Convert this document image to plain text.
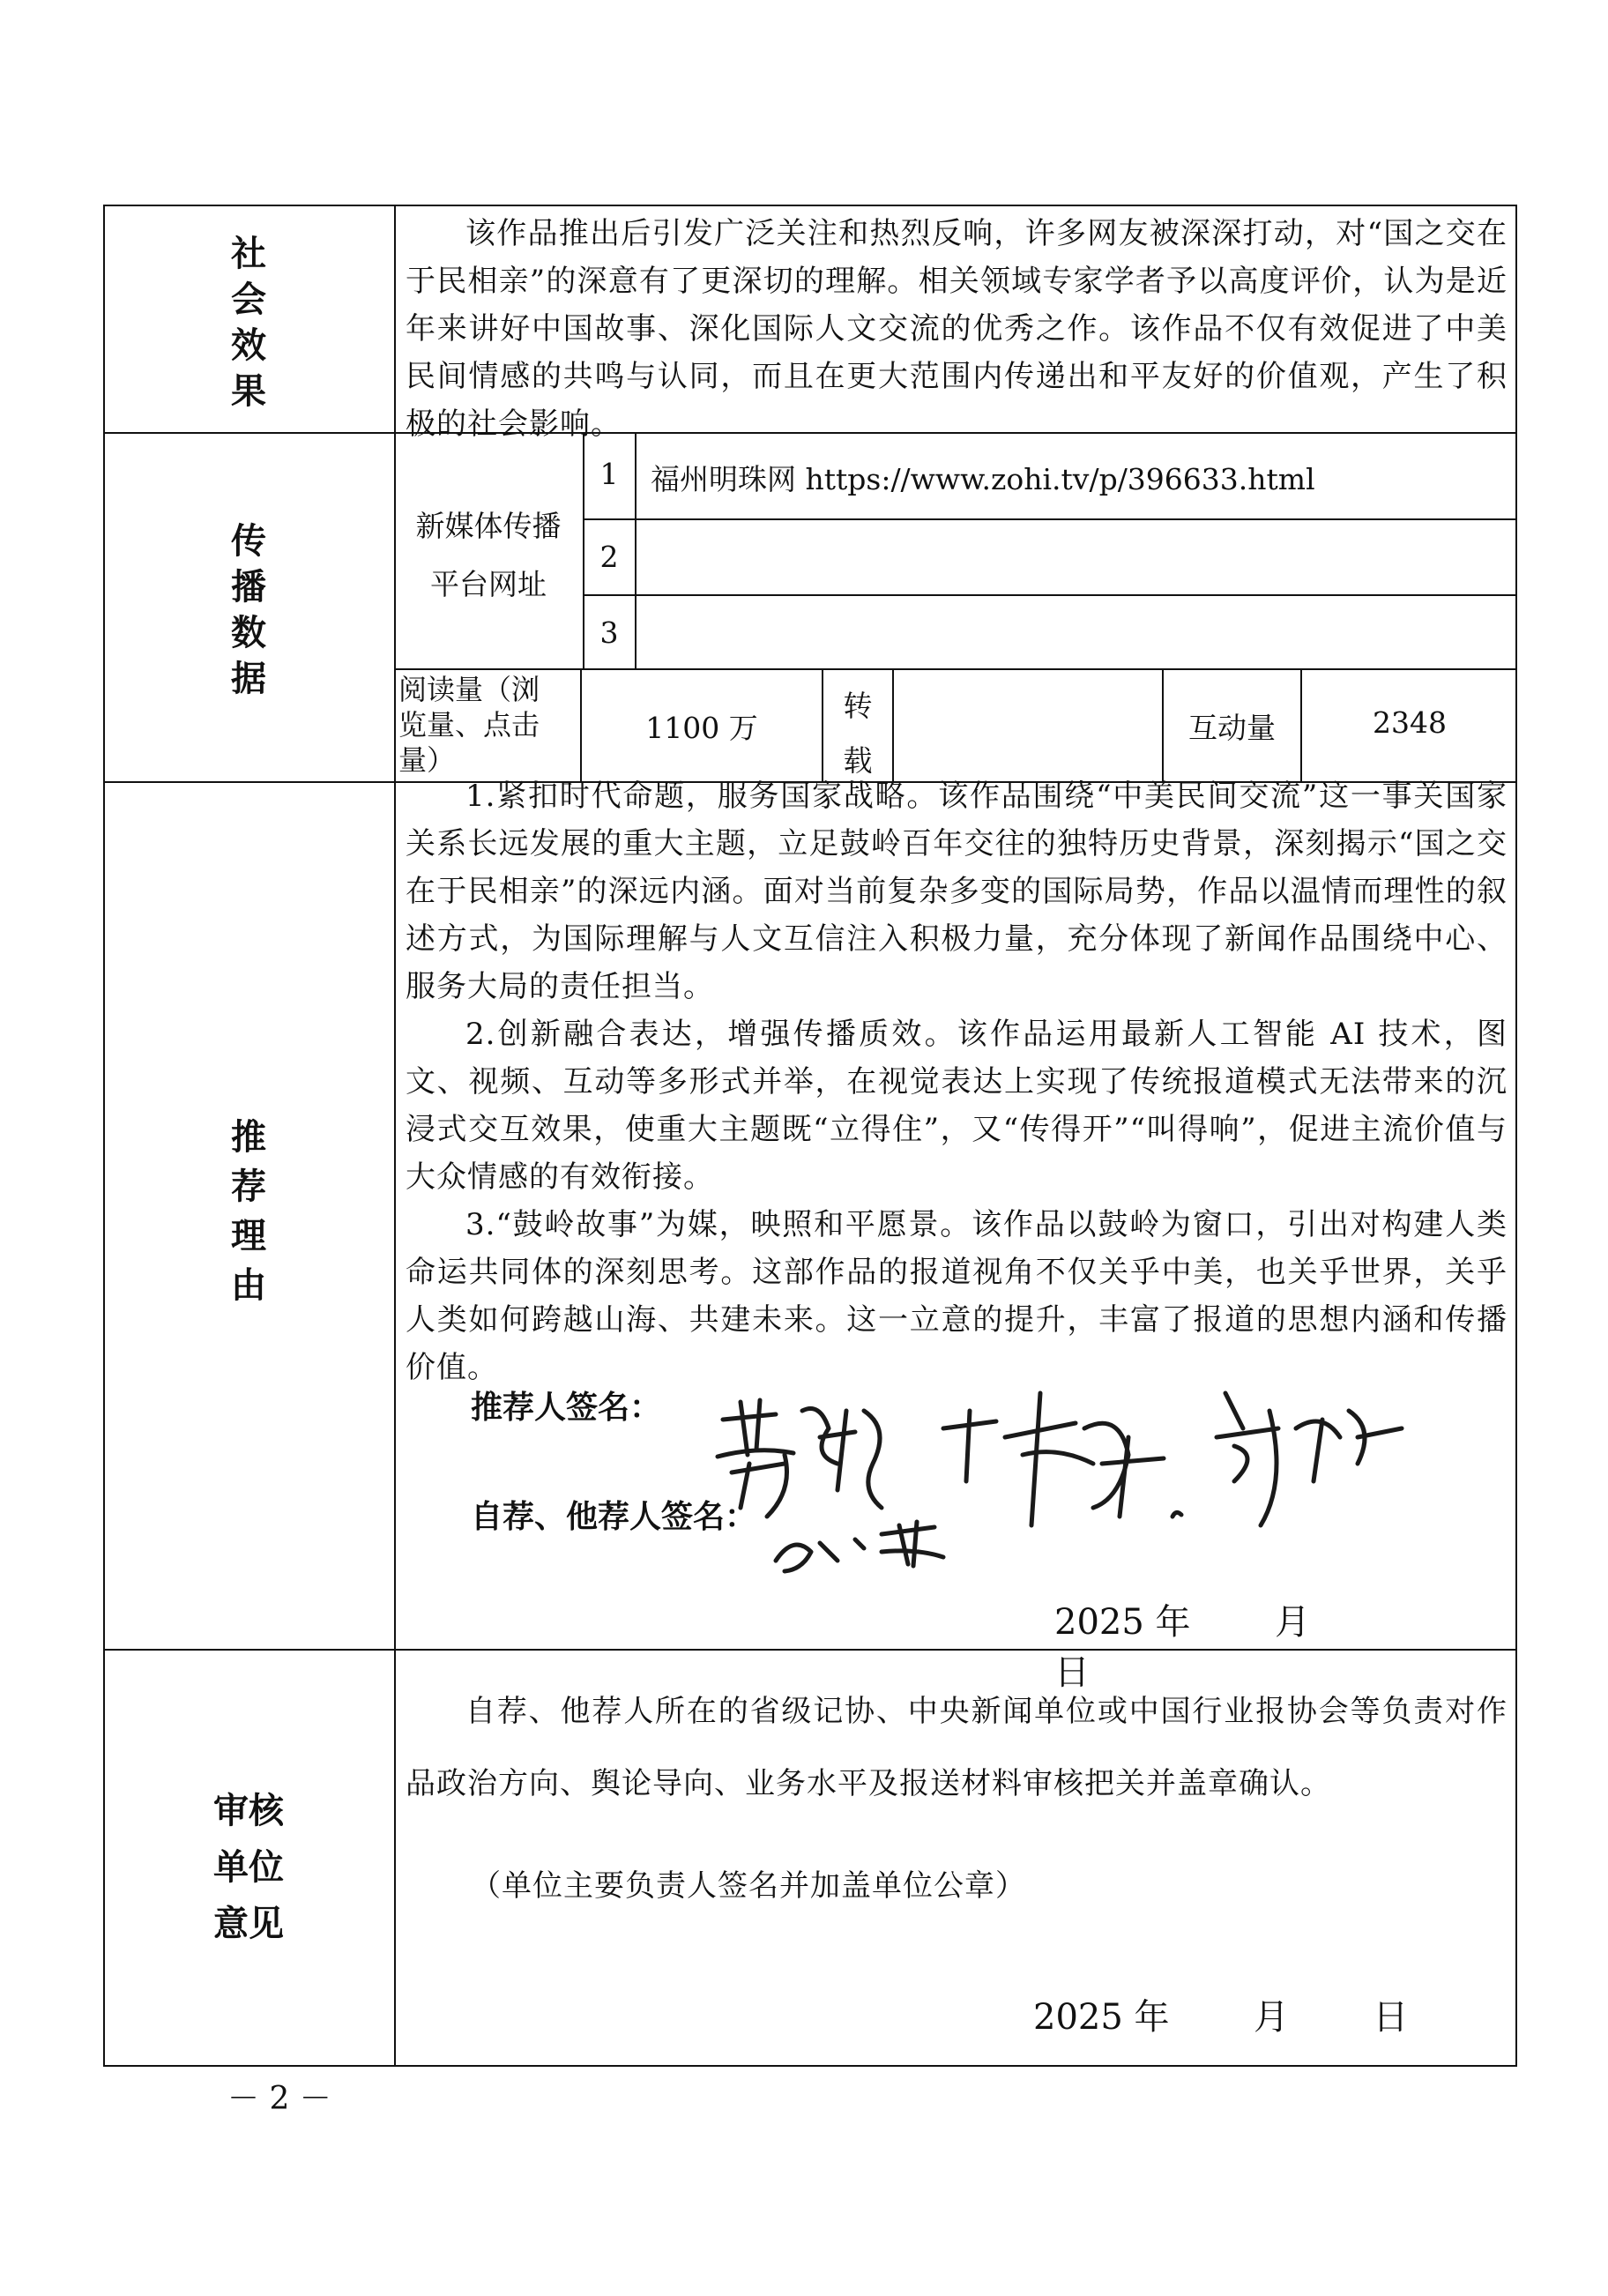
社
会
效
果
该作品推出后引发广泛关注和热烈反响，许多网友被深深打动，对“国之交在于民相亲”的深意有了更深切的理解。相关领域专家学者予以高度评价，认为是近年来讲好中国故事、深化国际人文交流的优秀之作。该作品不仅有效促进了中美民间情感的共鸣与认同，而且在更大范围内传递出和平友好的价值观，产生了积极的社会影响。
传
播
数
据
新媒体传播
平台网址
1	福州明珠网 https://www.zohi.tv/p/396633.html
2
3
阅读量（浏
览量、点击
量）
1100 万
转
载
互动量	2348
推
荐
理
由
1.紧扣时代命题，服务国家战略。该作品围绕“中美民间交流”这一事关国家关系长远发展的重大主题，立足鼓岭百年交往的独特历史背景，深刻揭示“国之交在于民相亲”的深远内涵。面对当前复杂多变的国际局势，作品以温情而理性的叙述方式，为国际理解与人文互信注入积极力量，充分体现了新闻作品围绕中心、服务大局的责任担当。
2.创新融合表达，增强传播质效。该作品运用最新人工智能 AI 技术，图文、视频、互动等多形式并举，在视觉表达上实现了传统报道模式无法带来的沉浸式交互效果，使重大主题既“立得住”，又“传得开”“叫得响”，促进主流价值与大众情感的有效衔接。
3.“鼓岭故事”为媒，映照和平愿景。该作品以鼓岭为窗口，引出对构建人类命运共同体的深刻思考。这部作品的报道视角不仅关乎中美，也关乎世界，关乎人类如何跨越山海、共建未来。这一立意的提升，丰富了报道的思想内涵和传播价值。
推荐人签名：
自荐、他荐人签名：
2025 年 月  日
审核
单位
意见
自荐、他荐人所在的省级记协、中央新闻单位或中国行业报协会等负责对作品政治方向、舆论导向、业务水平及报送材料审核把关并盖章确认。
（单位主要负责人签名并加盖单位公章）
2025 年 月 日
－ 2 －
